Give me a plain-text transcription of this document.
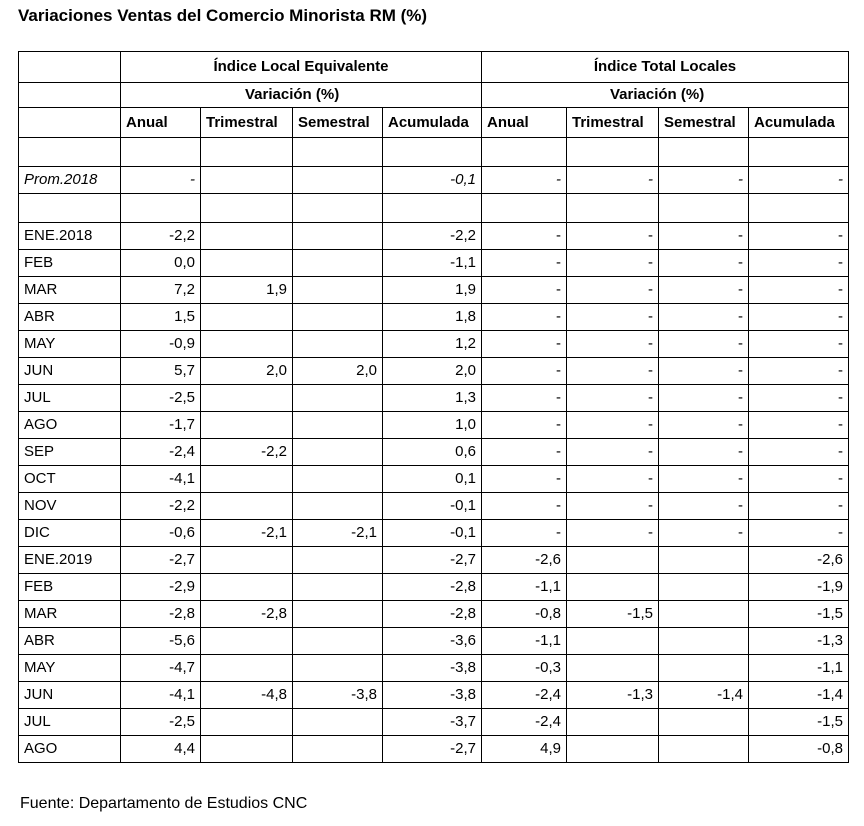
Variaciones Ventas del Comercio Minorista RM (%)
	Índice Local Equivalente				Índice Total Locales			
	Variación (%)				Variación (%)			
	Anual	Trimestral	Semestral	Acumulada	Anual	Trimestral	Semestral	Acumulada

Prom.2018	-			-0,1	-	-	-	-

ENE.2018	-2,2			-2,2	-	-	-	-
FEB	0,0			-1,1	-	-	-	-
MAR	7,2	1,9		1,9	-	-	-	-
ABR	1,5			1,8	-	-	-	-
MAY	-0,9			1,2	-	-	-	-
JUN	5,7	2,0	2,0	2,0	-	-	-	-
JUL	-2,5			1,3	-	-	-	-
AGO	-1,7			1,0	-	-	-	-
SEP	-2,4	-2,2		0,6	-	-	-	-
OCT	-4,1			0,1	-	-	-	-
NOV	-2,2			-0,1	-	-	-	-
DIC	-0,6	-2,1	-2,1	-0,1	-	-	-	-
ENE.2019	-2,7			-2,7	-2,6			-2,6
FEB	-2,9			-2,8	-1,1			-1,9
MAR	-2,8	-2,8		-2,8	-0,8	-1,5		-1,5
ABR	-5,6			-3,6	-1,1			-1,3
MAY	-4,7			-3,8	-0,3			-1,1
JUN	-4,1	-4,8	-3,8	-3,8	-2,4	-1,3	-1,4	-1,4
JUL	-2,5			-3,7	-2,4			-1,5
AGO	4,4			-2,7	4,9			-0,8
Fuente: Departamento de Estudios CNC
